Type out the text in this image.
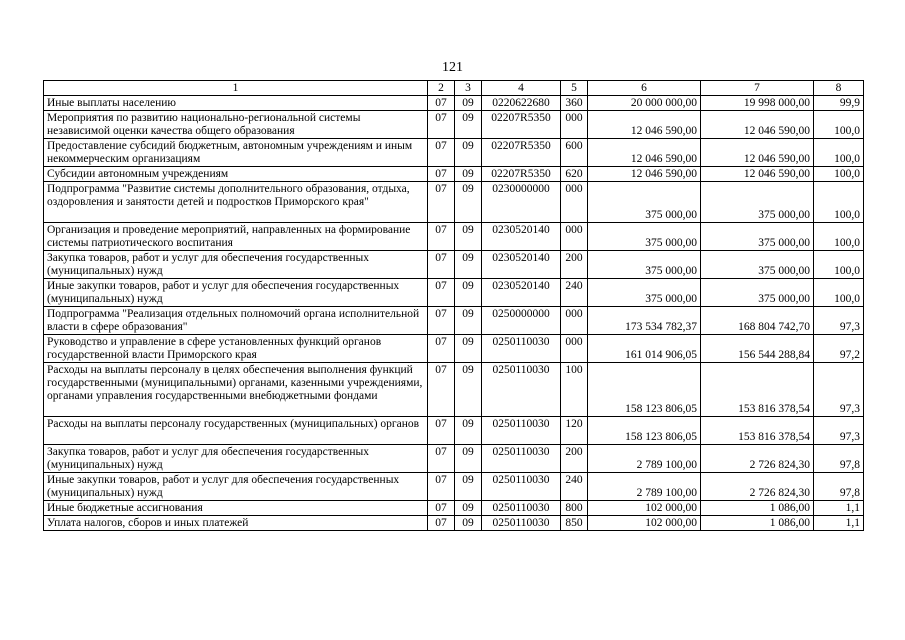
121
1	2	3	4	5	6	7	8
Иные выплаты населению	07	09	0220622680	360	20 000 000,00	19 998 000,00	99,9
Мероприятия по развитию национально-региональной системы независимой оценки качества общего образования	07	09	02207R5350	000	12 046 590,00	12 046 590,00	100,0
Предоставление субсидий бюджетным, автономным учреждениям и иным некоммерческим организациям	07	09	02207R5350	600	12 046 590,00	12 046 590,00	100,0
Субсидии автономным учреждениям	07	09	02207R5350	620	12 046 590,00	12 046 590,00	100,0
Подпрограмма "Развитие системы дополнительного образования, отдыха, оздоровления и занятости детей и подростков Приморского края"	07	09	0230000000	000	375 000,00	375 000,00	100,0
Организация и проведение мероприятий, направленных на формирование системы патриотического воспитания	07	09	0230520140	000	375 000,00	375 000,00	100,0
Закупка товаров, работ и услуг для обеспечения государственных (муниципальных) нужд	07	09	0230520140	200	375 000,00	375 000,00	100,0
Иные закупки товаров, работ и услуг для обеспечения государственных (муниципальных) нужд	07	09	0230520140	240	375 000,00	375 000,00	100,0
Подпрограмма "Реализация отдельных полномочий органа исполнительной власти в сфере образования"	07	09	0250000000	000	173 534 782,37	168 804 742,70	97,3
Руководство и управление в сфере установленных функций органов государственной власти Приморского края	07	09	0250110030	000	161 014 906,05	156 544 288,84	97,2
Расходы на выплаты персоналу в целях обеспечения выполнения функций государственными (муниципальными) органами, казенными учреждениями, органами управления государственными внебюджетными фондами	07	09	0250110030	100	158 123 806,05	153 816 378,54	97,3
Расходы на выплаты персоналу государственных (муниципальных) органов	07	09	0250110030	120	158 123 806,05	153 816 378,54	97,3
Закупка товаров, работ и услуг для обеспечения государственных (муниципальных) нужд	07	09	0250110030	200	2 789 100,00	2 726 824,30	97,8
Иные закупки товаров, работ и услуг для обеспечения государственных (муниципальных) нужд	07	09	0250110030	240	2 789 100,00	2 726 824,30	97,8
Иные бюджетные ассигнования	07	09	0250110030	800	102 000,00	1 086,00	1,1
Уплата налогов, сборов и иных платежей	07	09	0250110030	850	102 000,00	1 086,00	1,1
